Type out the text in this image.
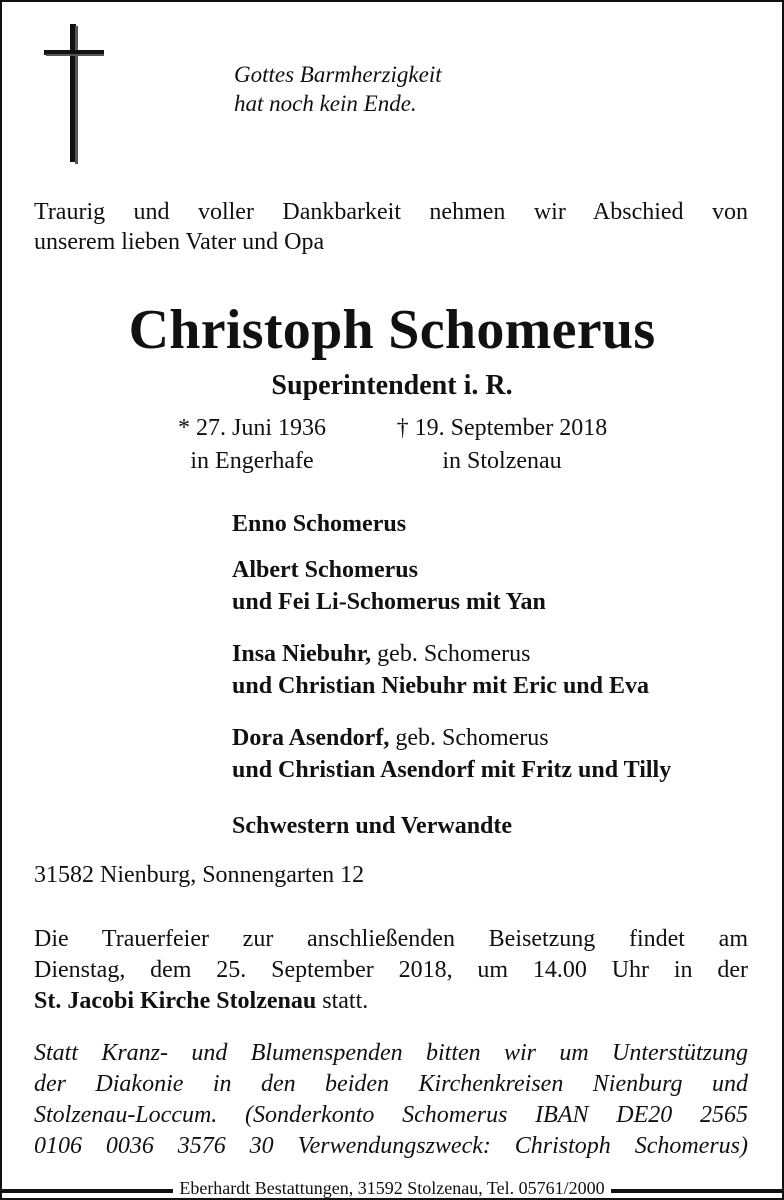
Gottes Barmherzigkeit
hat noch kein Ende.
Traurig und voller Dankbarkeit nehmen wir Abschied von
unserem lieben Vater und Opa
Christoph Schomerus
Superintendent i. R.
* 27. Juni 1936
in Engerhafe
† 19. September 2018
in Stolzenau
Enno Schomerus
Albert Schomerus
und Fei Li-Schomerus mit Yan
Insa Niebuhr, geb. Schomerus
und Christian Niebuhr mit Eric und Eva
Dora Asendorf, geb. Schomerus
und Christian Asendorf mit Fritz und Tilly
Schwestern und Verwandte
31582 Nienburg, Sonnengarten 12
Die Trauerfeier zur anschließenden Beisetzung findet am
Dienstag, dem 25. September 2018, um 14.00 Uhr in der
St. Jacobi Kirche Stolzenau statt.
Statt Kranz- und Blumenspenden bitten wir um Unterstützung
der Diakonie in den beiden Kirchenkreisen Nienburg und
Stolzenau-Loccum. (Sonderkonto Schomerus IBAN DE20 2565
0106 0036 3576 30 Verwendungszweck: Christoph Schomerus)
Eberhardt Bestattungen, 31592 Stolzenau, Tel. 05761/2000
